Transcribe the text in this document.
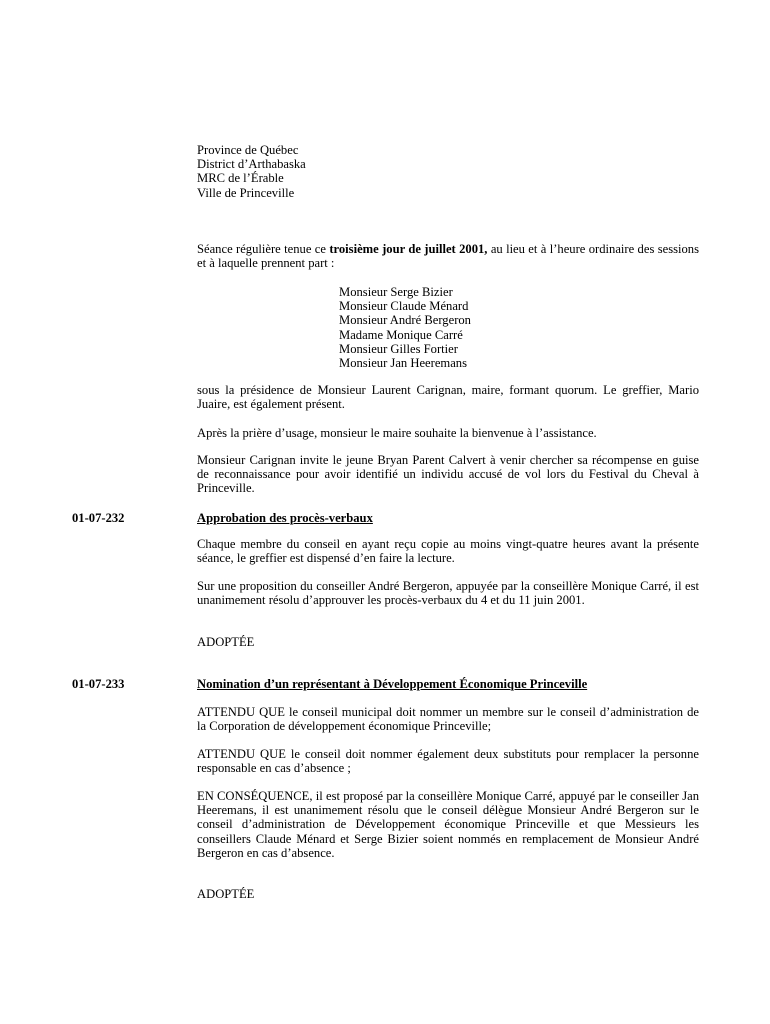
Province de Québec
District d’Arthabaska
MRC de l’Érable
Ville de Princeville
Séance régulière tenue ce troisième jour de juillet 2001, au lieu et à l’heure ordinaire des sessions et à laquelle prennent part :
Monsieur Serge Bizier
Monsieur Claude Ménard
Monsieur André Bergeron
Madame Monique Carré
Monsieur Gilles Fortier
Monsieur Jan Heeremans
sous la présidence de Monsieur Laurent Carignan, maire, formant quorum. Le greffier, Mario Juaire, est également présent.
Après la prière d’usage, monsieur le maire souhaite la bienvenue à l’assistance.
Monsieur Carignan invite le jeune Bryan Parent Calvert à venir chercher sa récompense en guise de reconnaissance pour avoir identifié un individu accusé de vol lors du Festival du Cheval à Princeville.
01-07-232	Approbation des procès-verbaux
Chaque membre du conseil en ayant reçu copie au moins vingt-quatre heures avant la présente séance, le greffier est dispensé d’en faire la lecture.
Sur une proposition du conseiller André Bergeron, appuyée par la conseillère Monique Carré, il est unanimement résolu d’approuver les procès-verbaux du 4 et du 11 juin 2001.
ADOPTÉE
01-07-233	Nomination d’un représentant à Développement Économique Princeville
ATTENDU QUE le conseil municipal doit nommer un membre sur le conseil d’administration de la Corporation de développement économique Princeville;
ATTENDU QUE le conseil doit nommer également deux substituts pour remplacer la personne responsable en cas d’absence ;
EN CONSÉQUENCE, il est proposé par la conseillère Monique Carré, appuyé par le conseiller Jan Heeremans, il est unanimement résolu que le conseil délègue Monsieur André Bergeron sur le conseil d’administration de Développement économique Princeville et que Messieurs les conseillers Claude Ménard et Serge Bizier soient nommés en remplacement de Monsieur André Bergeron en cas d’absence.
ADOPTÉE
